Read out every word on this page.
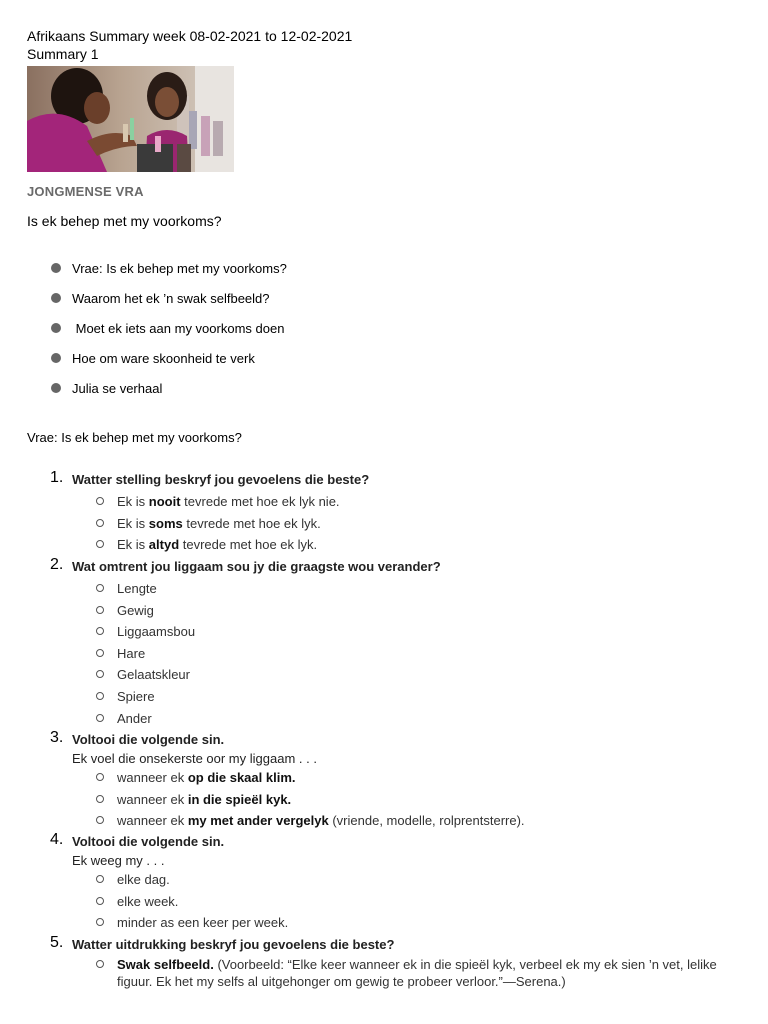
Afrikaans Summary week 08-02-2021 to 12-02-2021
Summary 1
JONGMENSE VRA
Is ek behep met my voorkoms?
Vrae: Is ek behep met my voorkoms?
Waarom het ek ’n swak selfbeeld?
Moet ek iets aan my voorkoms doen
Hoe om ware skoonheid te verk
Julia se verhaal
Vrae: Is ek behep met my voorkoms?
1. Watter stelling beskryf jou gevoelens die beste?
Ek is nooit tevrede met hoe ek lyk nie.
Ek is soms tevrede met hoe ek lyk.
Ek is altyd tevrede met hoe ek lyk.
2. Wat omtrent jou liggaam sou jy die graagste wou verander?
Lengte
Gewig
Liggaamsbou
Hare
Gelaatskleur
Spiere
Ander
3. Voltooi die volgende sin.
Ek voel die onsekerste oor my liggaam . . .
wanneer ek op die skaal klim.
wanneer ek in die spieël kyk.
wanneer ek my met ander vergelyk (vriende, modelle, rolprentsterre).
4. Voltooi die volgende sin.
Ek weeg my . . .
elke dag.
elke week.
minder as een keer per week.
5. Watter uitdrukking beskryf jou gevoelens die beste?
Swak selfbeeld. (Voorbeeld: “Elke keer wanneer ek in die spieël kyk, verbeel ek my ek sien ’n vet, lelike figuur. Ek het my selfs al uitgehonger om gewig te probeer verloor.”—Serena.)
